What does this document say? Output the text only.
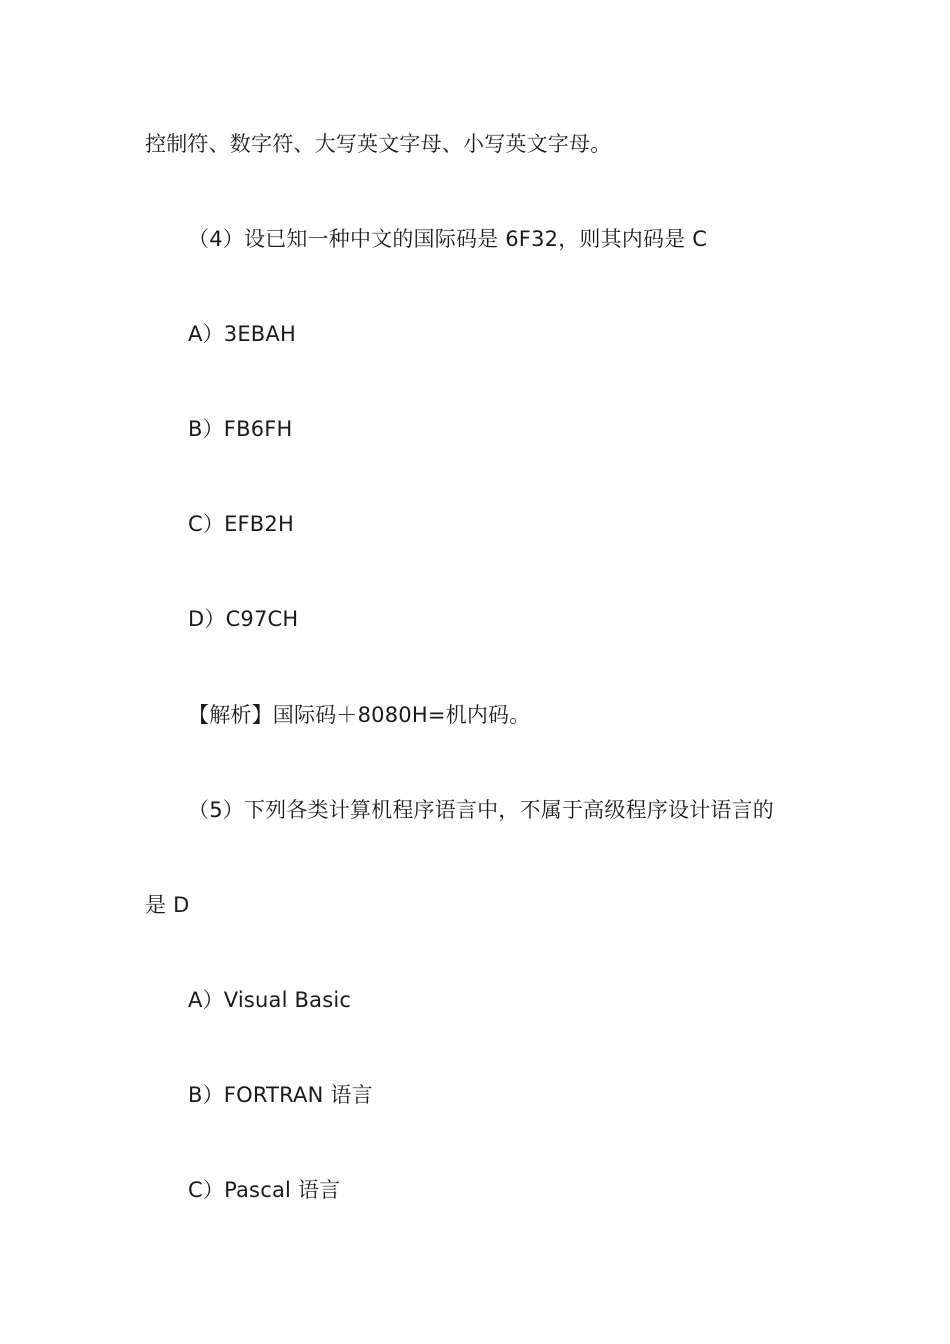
控制符、数字符、大写英文字母、小写英文字母。
（4）设已知一种中文的国际码是 6F32，则其内码是 C
A）3EBAH
B）FB6FH
C）EFB2H
D）C97CH
【解析】国际码＋8080H=机内码。
（5）下列各类计算机程序语言中，不属于高级程序设计语言的
是 D
A）Visual Basic
B）FORTRAN 语言
C）Pascal 语言
